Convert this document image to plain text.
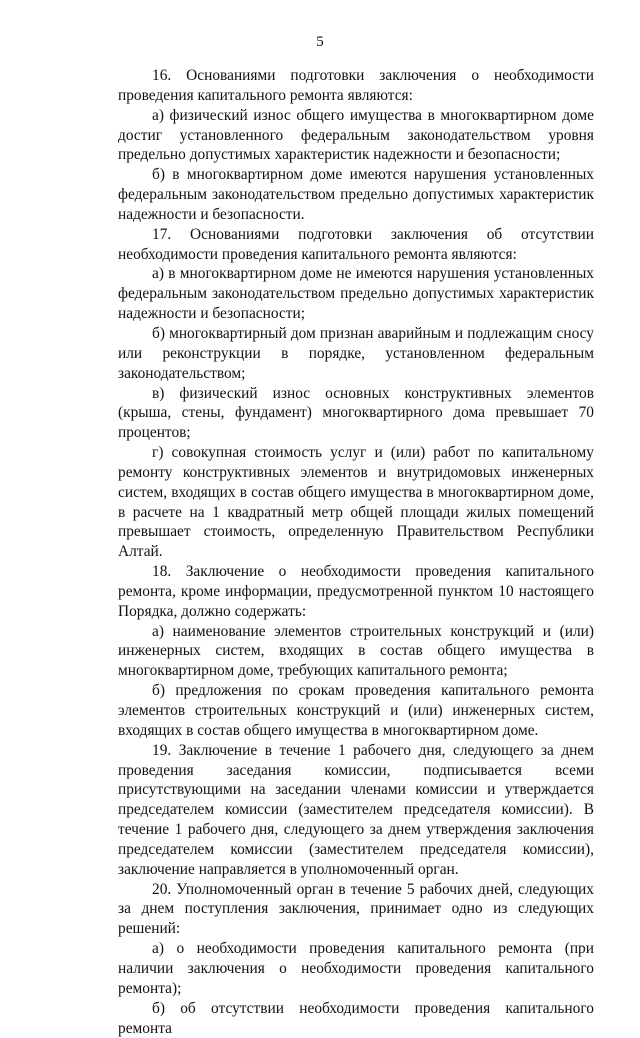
5

16. Основаниями подготовки заключения о необходимости проведения капитального ремонта являются:

а) физический износ общего имущества в многоквартирном доме достиг установленного федеральным законодательством уровня предельно допустимых характеристик надежности и безопасности;

б) в многоквартирном доме имеются нарушения установленных федеральным законодательством предельно допустимых характеристик надежности и безопасности.

17. Основаниями подготовки заключения об отсутствии необходимости проведения капитального ремонта являются:

а) в многоквартирном доме не имеются нарушения установленных федеральным законодательством предельно допустимых характеристик надежности и безопасности;

б) многоквартирный дом признан аварийным и подлежащим сносу или реконструкции в порядке, установленном федеральным законодательством;

в) физический износ основных конструктивных элементов (крыша, стены, фундамент) многоквартирного дома превышает 70 процентов;

г) совокупная стоимость услуг и (или) работ по капитальному ремонту конструктивных элементов и внутридомовых инженерных систем, входящих в состав общего имущества в многоквартирном доме, в расчете на 1 квадратный метр общей площади жилых помещений превышает стоимость, определенную Правительством Республики Алтай.

18. Заключение о необходимости проведения капитального ремонта, кроме информации, предусмотренной пунктом 10 настоящего Порядка, должно содержать:

а) наименование элементов строительных конструкций и (или) инженерных систем, входящих в состав общего имущества в многоквартирном доме, требующих капитального ремонта;

б) предложения по срокам проведения капитального ремонта элементов строительных конструкций и (или) инженерных систем, входящих в состав общего имущества в многоквартирном доме.

19. Заключение в течение 1 рабочего дня, следующего за днем проведения заседания комиссии, подписывается всеми присутствующими на заседании членами комиссии и утверждается председателем комиссии (заместителем председателя комиссии). В течение 1 рабочего дня, следующего за днем утверждения заключения председателем комиссии (заместителем председателя комиссии), заключение направляется в уполномоченный орган.

20. Уполномоченный орган в течение 5 рабочих дней, следующих за днем поступления заключения, принимает одно из следующих решений:

а) о необходимости проведения капитального ремонта (при наличии заключения о необходимости проведения капитального ремонта);

б) об отсутствии необходимости проведения капитального ремонта
